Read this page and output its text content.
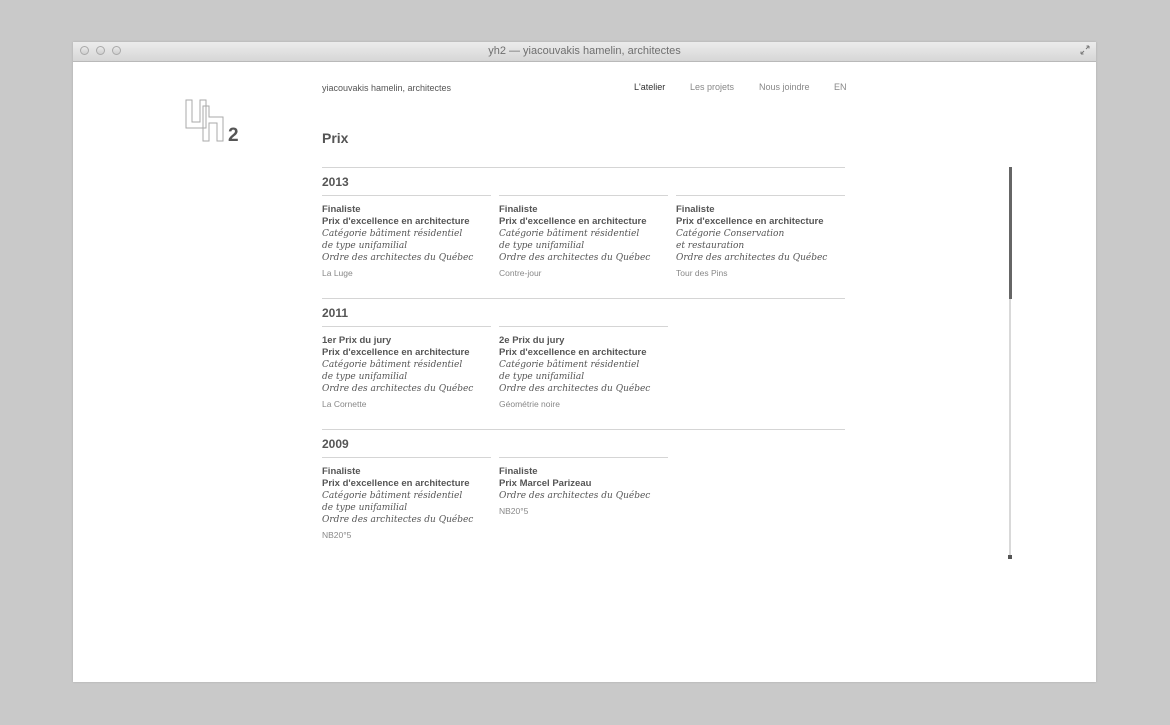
yh2 — yiacouvakis hamelin, architectes
2
yiacouvakis hamelin, architectes	L'atelier	Les projets	Nous joindre	EN
Prix
2013
Finaliste
Prix d'excellence en architecture
Catégorie bâtiment résidentiel
de type unifamilial
Ordre des architectes du Québec
La Luge
Finaliste
Prix d'excellence en architecture
Catégorie bâtiment résidentiel
de type unifamilial
Ordre des architectes du Québec
Contre-jour
Finaliste
Prix d'excellence en architecture
Catégorie Conservation
et restauration
Ordre des architectes du Québec
Tour des Pins
2011
1er Prix du jury
Prix d'excellence en architecture
Catégorie bâtiment résidentiel
de type unifamilial
Ordre des architectes du Québec
La Cornette
2e Prix du jury
Prix d'excellence en architecture
Catégorie bâtiment résidentiel
de type unifamilial
Ordre des architectes du Québec
Géométrie noire
2009
Finaliste
Prix d'excellence en architecture
Catégorie bâtiment résidentiel
de type unifamilial
Ordre des architectes du Québec
NB20°5
Finaliste
Prix Marcel Parizeau
Ordre des architectes du Québec
NB20°5
